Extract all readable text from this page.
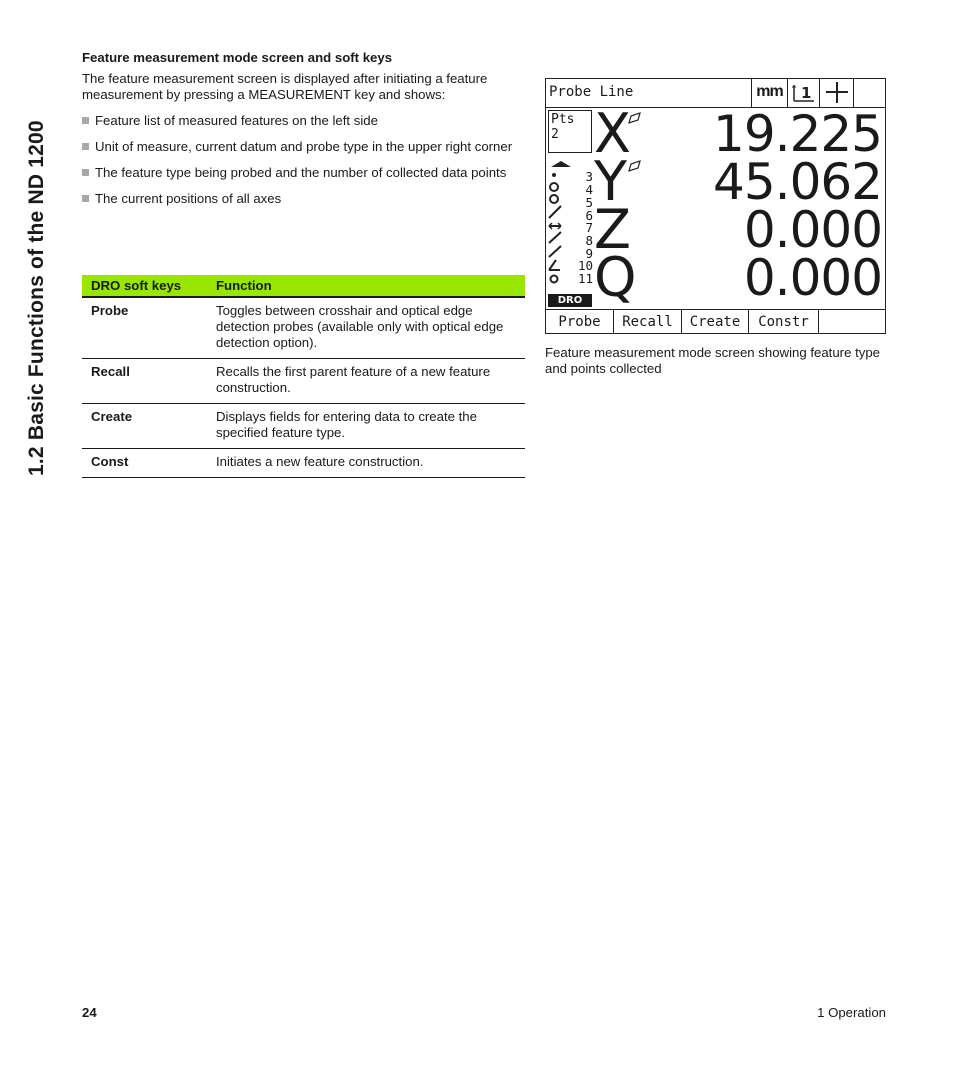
1.2 Basic Functions of the ND 1200
Feature measurement mode screen and soft keys
The feature measurement screen is displayed after initiating a feature measurement by pressing a MEASUREMENT key and shows:
Feature list of measured features on the left side
Unit of measure, current datum and probe type in the upper right corner
The feature type being probed and the number of collected data points
The current positions of all axes
DRO soft keys	Function
Probe	Toggles between crosshair and optical edge detection probes (available only with optical edge detection option).
Recall	Recalls the first parent feature of a new feature construction.
Create	Displays fields for entering data to create the specified feature type.
Const	Initiates a new feature construction.
Probe Line	mm 1
Pts
2
3
4
5
6
7
8
9
10
11
DRO
X 19.225
Y 45.062
Z 0.000
Q 0.000
Probe	Recall	Create	Constr
Feature measurement mode screen showing feature type and points collected
24	1 Operation
